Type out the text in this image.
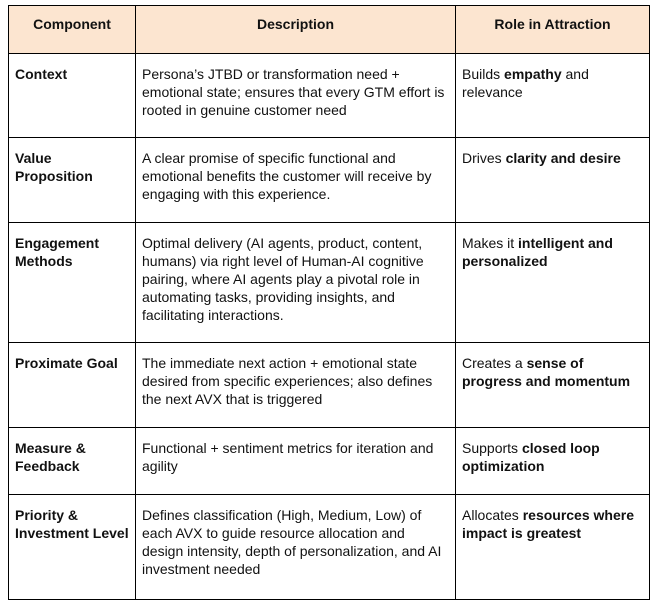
Component	Description	Role in Attraction
Context	Persona’s JTBD or transformation need + emotional state; ensures that every GTM effort is rooted in genuine customer need	Builds empathy and relevance
Value Proposition	A clear promise of specific functional and emotional benefits the customer will receive by engaging with this experience.	Drives clarity and desire
Engagement Methods	Optimal delivery (AI agents, product, content, humans) via right level of Human-AI cognitive pairing, where AI agents play a pivotal role in automating tasks, providing insights, and facilitating interactions.	Makes it intelligent and personalized
Proximate Goal	The immediate next action + emotional state desired from specific experiences; also defines the next AVX that is triggered	Creates a sense of progress and momentum
Measure & Feedback	Functional + sentiment metrics for iteration and agility	Supports closed loop optimization
Priority & Investment Level	Defines classification (High, Medium, Low) of each AVX to guide resource allocation and design intensity, depth of personalization, and AI investment needed	Allocates resources where impact is greatest
